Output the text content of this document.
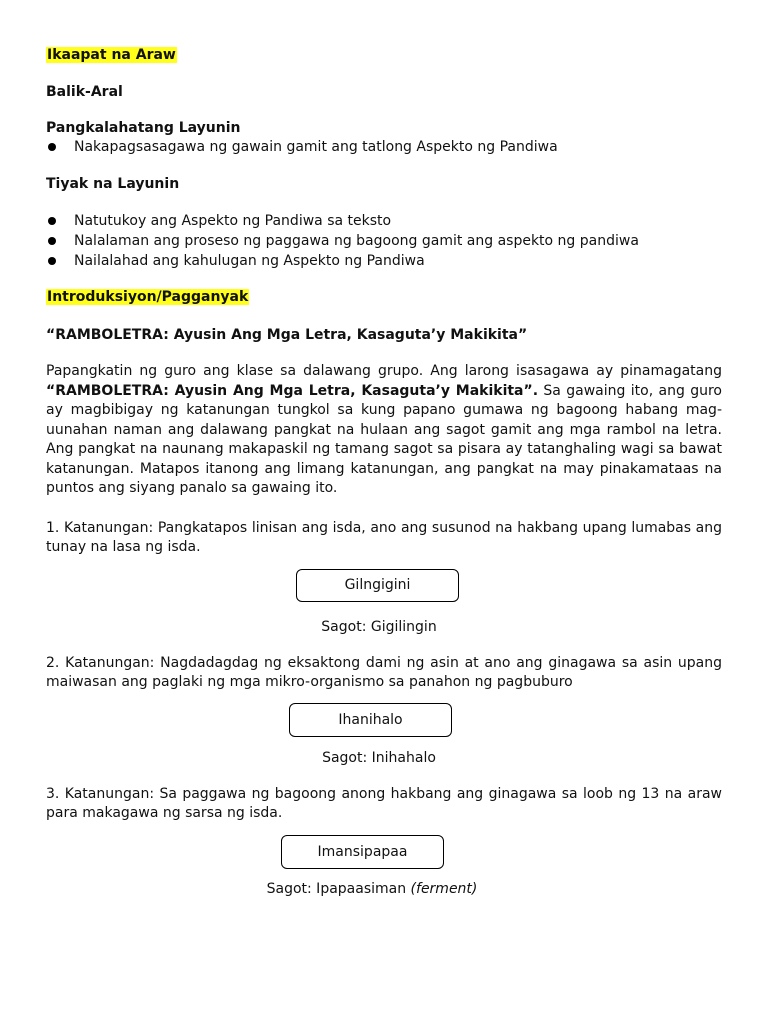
Ikaapat na Araw
Balik-Aral
Pangkalahatang Layunin
Nakapagsasagawa ng gawain gamit ang tatlong Aspekto ng Pandiwa
Tiyak na Layunin
Natutukoy ang Aspekto ng Pandiwa sa teksto
Nalalaman ang proseso ng paggawa ng bagoong gamit ang aspekto ng pandiwa
Nailalahad ang kahulugan ng Aspekto ng Pandiwa
Introduksiyon/Pagganyak
“RAMBOLETRA: Ayusin Ang Mga Letra, Kasaguta’y Makikita”
Papangkatin ng guro ang klase sa dalawang grupo. Ang larong isasagawa ay pinamagatang “RAMBOLETRA: Ayusin Ang Mga Letra, Kasaguta’y Makikita”. Sa gawaing ito, ang guro ay magbibigay ng katanungan tungkol sa kung papano gumawa ng bagoong habang mag-uunahan naman ang dalawang pangkat na hulaan ang sagot gamit ang mga rambol na letra. Ang pangkat na naunang makapaskil ng tamang sagot sa pisara ay tatanghaling wagi sa bawat katanungan. Matapos itanong ang limang katanungan, ang pangkat na may pinakamataas na puntos ang siyang panalo sa gawaing ito.
1. Katanungan: Pangkatapos linisan ang isda, ano ang susunod na hakbang upang lumabas ang tunay na lasa ng isda.
Gilngigini
Sagot: Gigilingin
2. Katanungan: Nagdadagdag ng eksaktong dami ng asin at ano ang ginagawa sa asin upang maiwasan ang paglaki ng mga mikro-organismo sa panahon ng pagbuburo
Ihanihalo
Sagot: Inihahalo
3. Katanungan: Sa paggawa ng bagoong anong hakbang ang ginagawa sa loob ng 13 na araw para makagawa ng sarsa ng isda.
Imansipapaa
Sagot: Ipapaasiman (ferment)
